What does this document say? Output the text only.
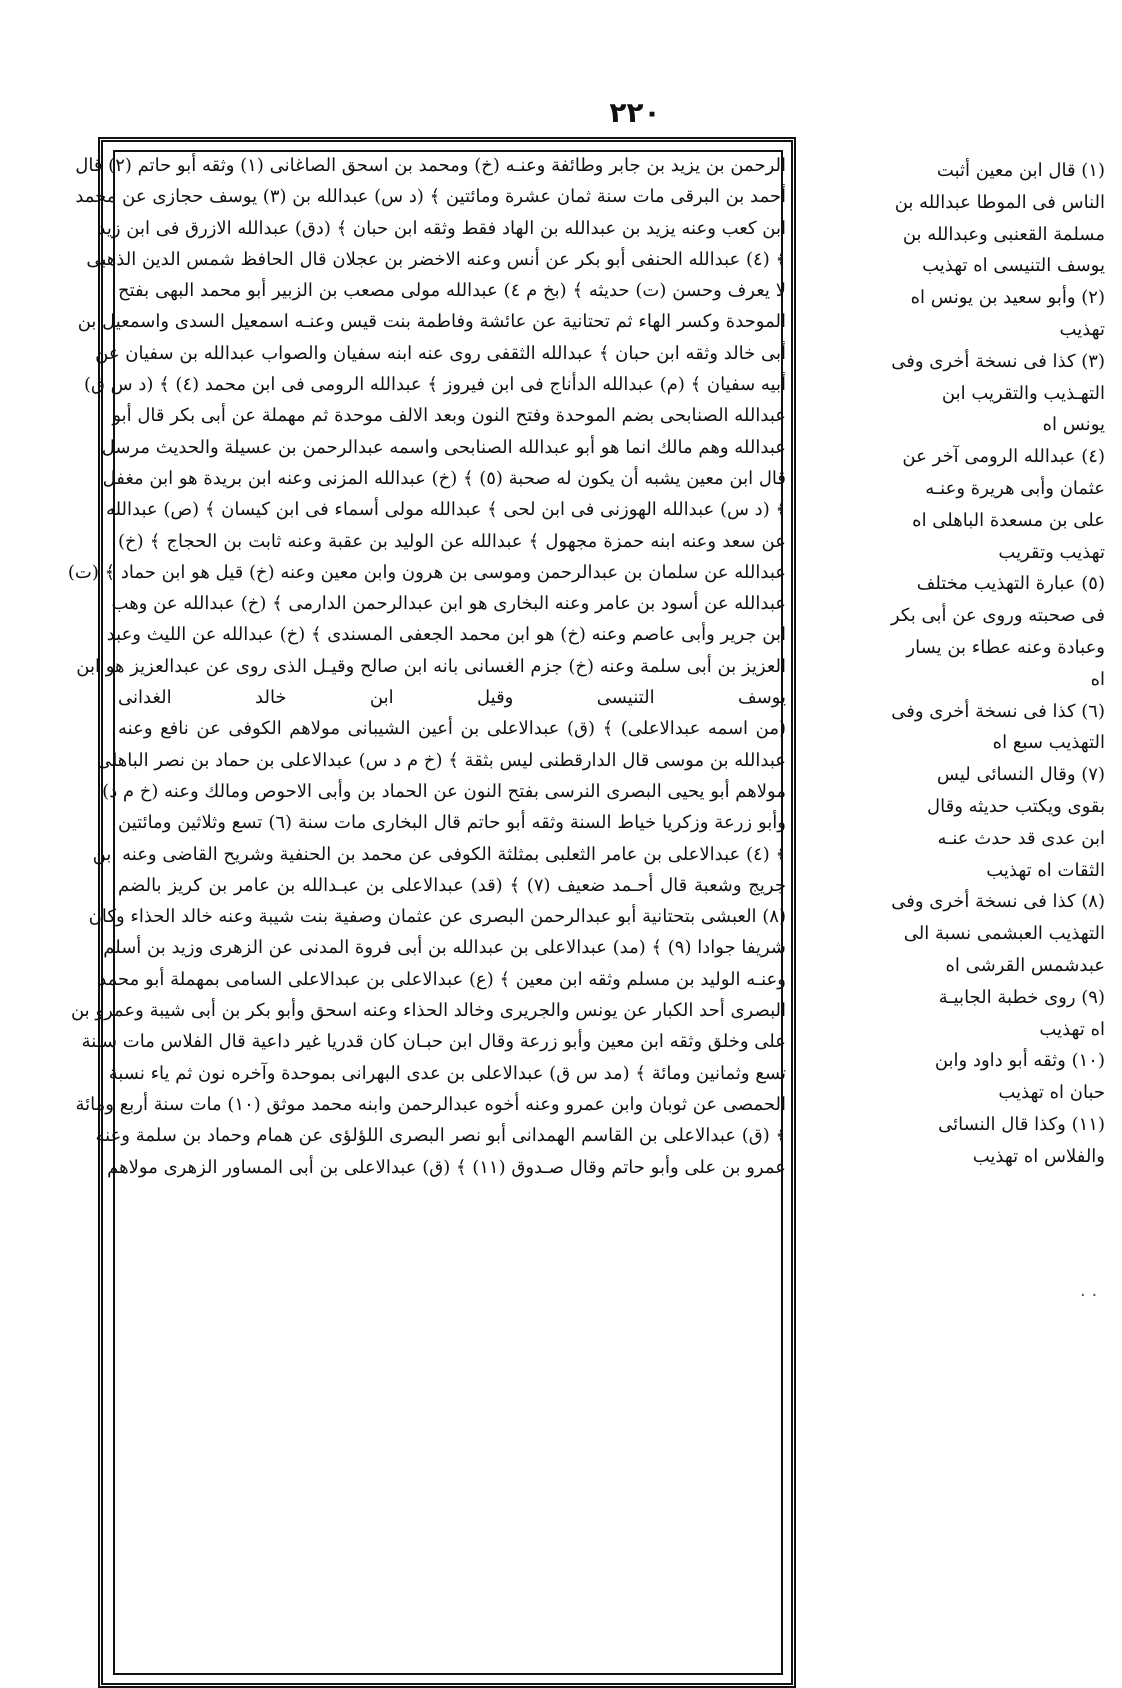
٢٢٠
الرحمن بن يزيد بن جابر وطائفة وعنـه (خ) ومحمد بن اسحق الصاغانى (١) وثقه أبو حاتم (٢) قال
أحمد بن البرقى مات سنة ثمان عشرة ومائتين ﴾ (د س) عبدالله بن (٣) يوسف حجازى عن محمد
ابن كعب وعنه يزيد بن عبدالله بن الهاد فقط وثقه ابن حبان ﴾ (دق) عبدالله الازرق فى ابن زيد
﴾ (٤) عبدالله الحنفى أبو بكر عن أنس وعنه الاخضر بن عجلان قال الحافظ شمس الدين الذهبى
لا يعرف وحسن (ت) حديثه ﴾ (بخ م ٤) عبدالله مولى مصعب بن الزبير أبو محمد البهى بفتح
الموحدة وكسر الهاء ثم تحتانية عن عائشة وفاطمة بنت قيس وعنـه اسمعيل السدى واسمعيل بن
أبى خالد وثقه ابن حبان ﴾ عبدالله الثقفى روى عنه ابنه سفيان والصواب عبدالله بن سفيان عن
أبيه سفيان ﴾ (م) عبدالله الدأناج فى ابن فيروز ﴾ عبدالله الرومى فى ابن محمد (٤) ﴾ (د س ق)
عبدالله الصنابحى بضم الموحدة وفتح النون وبعد الالف موحدة ثم مهملة عن أبى بكر قال أبو
عبدالله وهم مالك انما هو أبو عبدالله الصنابحى واسمه عبدالرحمن بن عسيلة والحديث مرسل
قال ابن معين يشبه أن يكون له صحبة (٥) ﴾ (خ) عبدالله المزنى وعنه ابن بريدة هو ابن مغفل
﴾ (د س) عبدالله الهوزنى فى ابن لحى ﴾ عبدالله مولى أسماء فى ابن كيسان ﴾ (ص) عبدالله
عن سعد وعنه ابنه حمزة مجهول ﴾ عبدالله عن الوليد بن عقبة وعنه ثابت بن الحجاج ﴾ (خ)
عبدالله عن سلمان بن عبدالرحمن وموسى بن هرون وابن معين وعنه (خ) قيل هو ابن حماد ﴾ (ت)
عبدالله عن أسود بن عامر وعنه البخارى هو ابن عبدالرحمن الدارمى ﴾ (خ) عبدالله عن وهب
ابن جرير وأبى عاصم وعنه (خ) هو ابن محمد الجعفى المسندى ﴾ (خ) عبدالله عن الليث وعبد
العزيز بن أبى سلمة وعنه (خ) جزم الغسانى بانه ابن صالح وقيـل الذى روى عن عبدالعزيز هو ابن
يوسف التنيسى وقيل ابن خالد الغدانى
(من اسمه عبدالاعلى) ﴾ (ق) عبدالاعلى بن أعين الشيبانى مولاهم الكوفى عن نافع وعنه
عبدالله بن موسى قال الدارقطنى ليس بثقة ﴾ (خ م د س) عبدالاعلى بن حماد بن نصر الباهلى
مولاهم أبو يحيى البصرى النرسى بفتح النون عن الحماد بن وأبى الاحوص ومالك وعنه (خ م د)
وأبو زرعة وزكريا خياط السنة وثقه أبو حاتم قال البخارى مات سنة (٦) تسع وثلاثين ومائتين
﴾ (٤) عبدالاعلى بن عامر الثعلبى بمثلثة الكوفى عن محمد بن الحنفية وشريح القاضى وعنه ابن
جريج وشعبة قال أحـمد ضعيف (٧) ﴾ (قد) عبدالاعلى بن عبـدالله بن عامر بن كريز بالضم
(٨) العبشى بتحتانية أبو عبدالرحمن البصرى عن عثمان وصفية بنت شيبة وعنه خالد الحذاء وكان
شريفا جوادا (٩) ﴾ (مد) عبدالاعلى بن عبدالله بن أبى فروة المدنى عن الزهرى وزيد بن أسلم
وعنـه الوليد بن مسلم وثقه ابن معين ﴾ (ع) عبدالاعلى بن عبدالاعلى السامى بمهملة أبو محمد
البصرى أحد الكبار عن يونس والجريرى وخالد الحذاء وعنه اسحق وأبو بكر بن أبى شيبة وعمرو بن
على وخلق وثقه ابن معين وأبو زرعة وقال ابن حبـان كان قدريا غير داعية قال الفلاس مات سـنة
تسع وثمانين ومائة ﴾ (مد س ق) عبدالاعلى بن عدى البهرانى بموحدة وآخره نون ثم ياء نسبة
الحمصى عن ثوبان وابن عمرو وعنه أخوه عبدالرحمن وابنه محمد موثق (١٠) مات سنة أربع ومائة
﴾ (ق) عبدالاعلى بن القاسم الهمدانى أبو نصر البصرى اللؤلؤى عن همام وحماد بن سلمة وعنه
عمرو بن على وأبو حاتم وقال صـدوق (١١) ﴾ (ق) عبدالاعلى بن أبى المساور الزهرى مولاهم
(١) قال ابن معين أثبت
الناس فى الموطا عبدالله بن
مسلمة القعنبى وعبدالله بن
يوسف التنيسى اه تهذيب
(٢) وأبو سعيد بن يونس اه
تهذيب
(٣) كذا فى نسخة أخرى وفى
التهـذيب والتقريب ابن
يونس اه
(٤) عبدالله الرومى آخر عن
عثمان وأبى هريرة وعنـه
على بن مسعدة الباهلى اه
تهذيب وتقريب
(٥) عبارة التهذيب مختلف
فى صحبته وروى عن أبى بكر
وعبادة وعنه عطاء بن يسار
اه
(٦) كذا فى نسخة أخرى وفى
التهذيب سبع اه
(٧) وقال النسائى ليس
بقوى ويكتب حديثه وقال
ابن عدى قد حدث عنـه
الثقات اه تهذيب
(٨) كذا فى نسخة أخرى وفى
التهذيب العبشمى نسبة الى
عبدشمس القرشى اه
(٩) روى خطبة الجابيـة
اه تهذيب
(١٠) وثقه أبو داود وابن
حبان اه تهذيب
(١١) وكذا قال النسائى
والفلاس اه تهذيب
. .
